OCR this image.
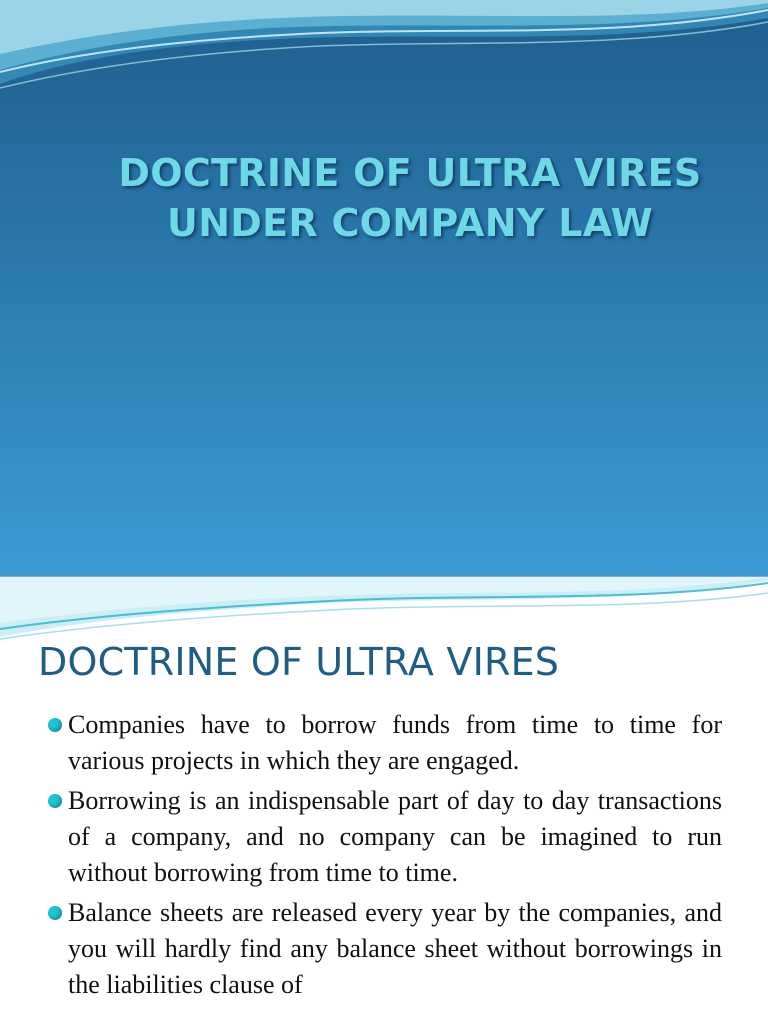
DOCTRINE OF ULTRA VIRES
UNDER COMPANY LAW
DOCTRINE OF ULTRA VIRES
Companies have to borrow funds from time to time for various projects in which they are engaged.
Borrowing is an indispensable part of day to day transactions of a company, and no company can be imagined to run without borrowing from time to time.
Balance sheets are released every year by the companies, and you will hardly find any balance sheet without borrowings in the liabilities clause of
